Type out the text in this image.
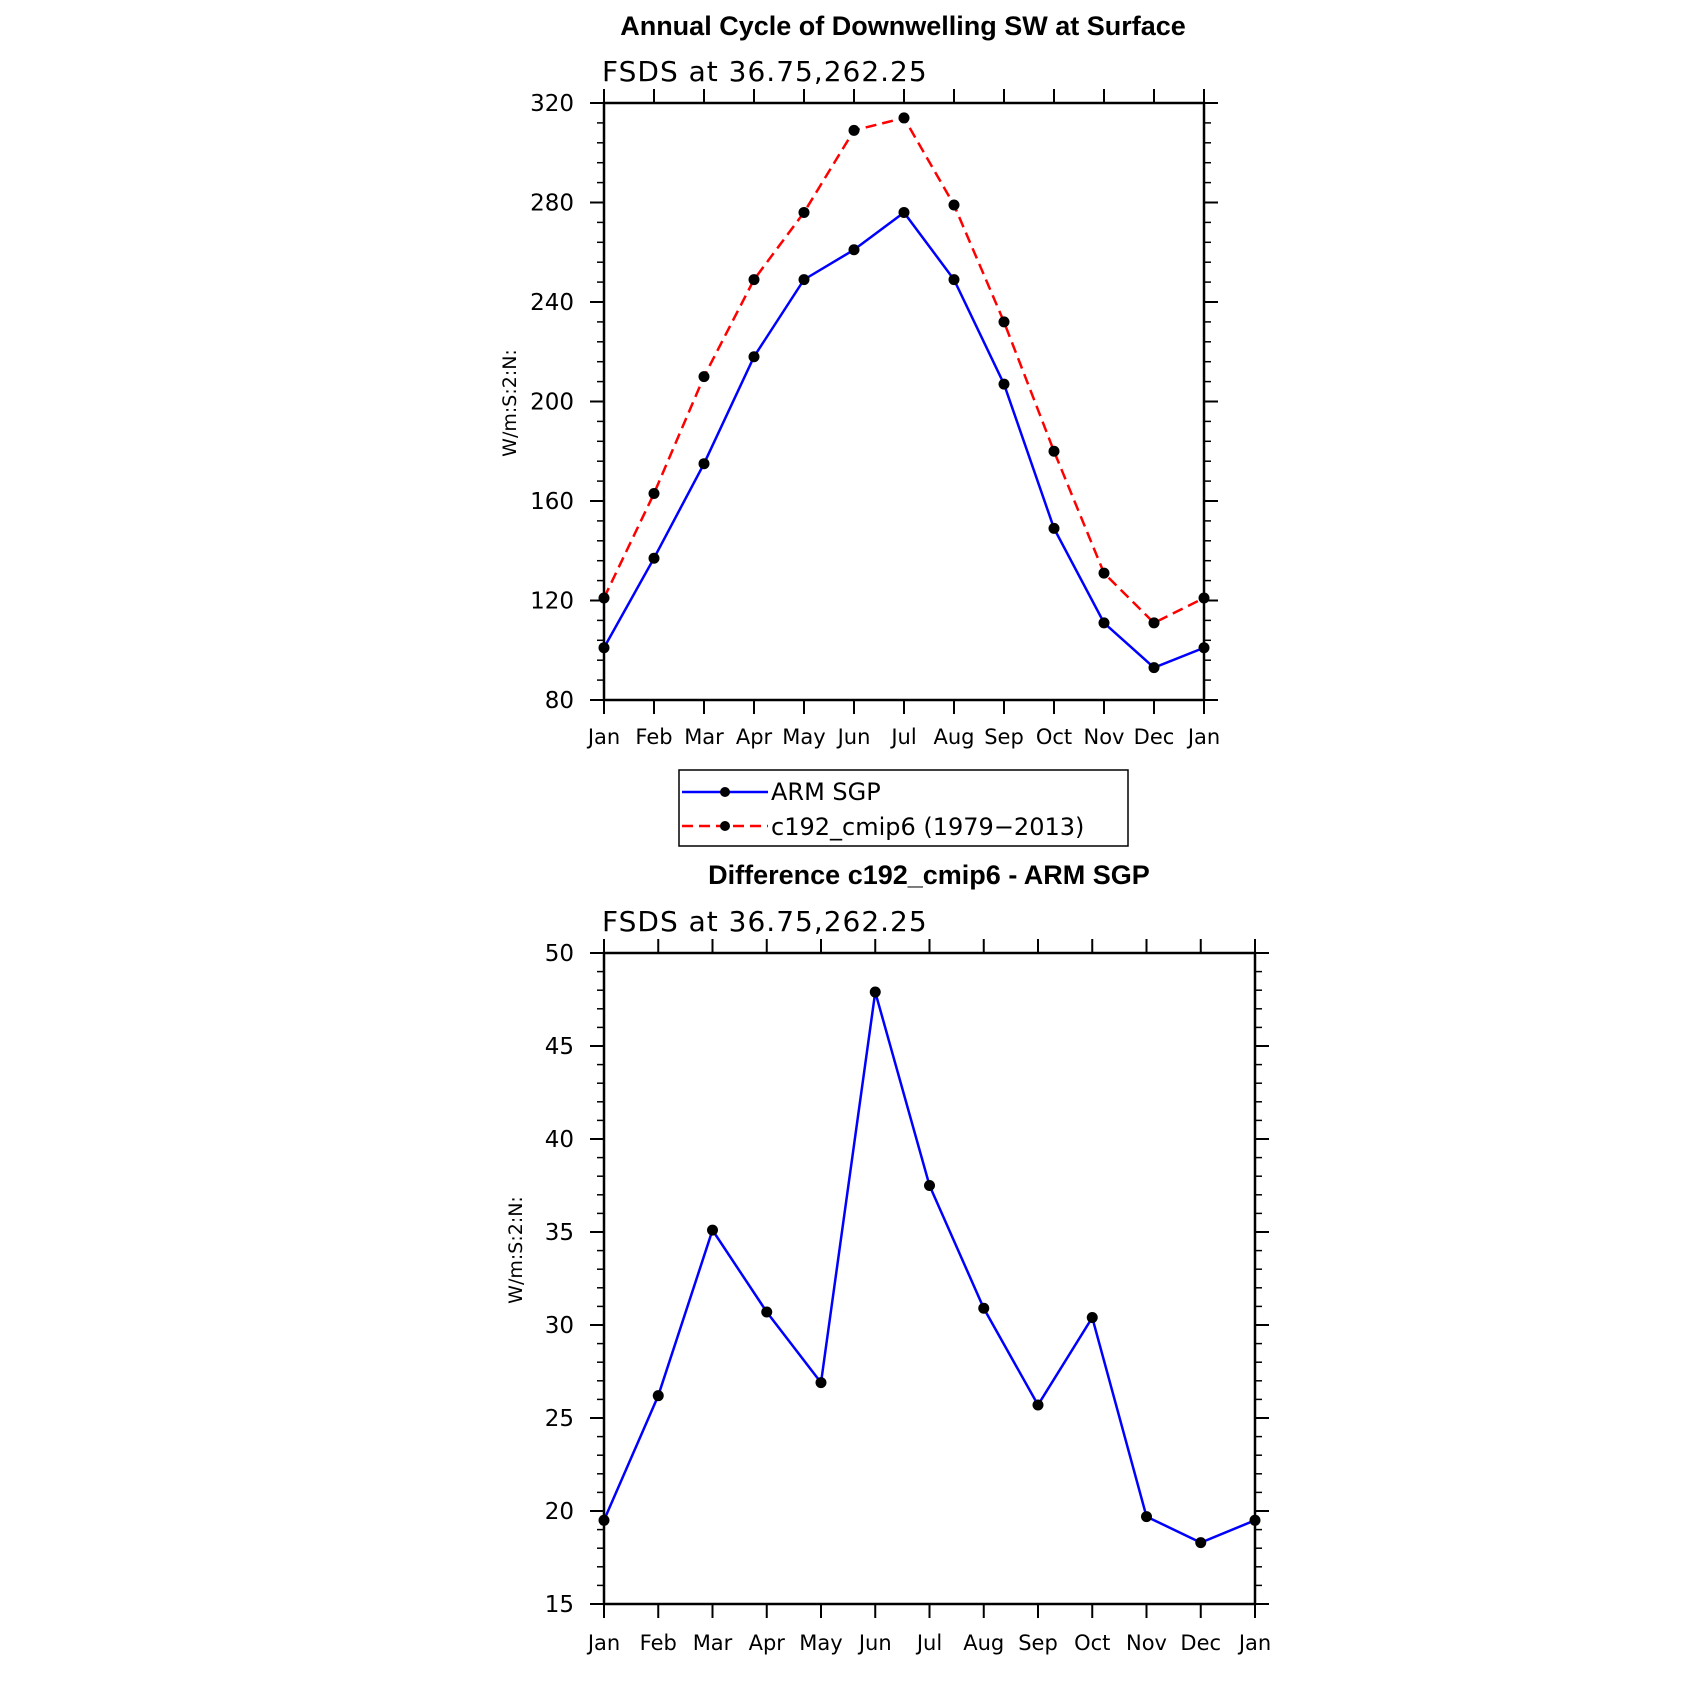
Annual Cycle of Downwelling SW at Surface
FSDS at 36.75,262.25
W/m:S:2:N:
Jan Feb Mar Apr May Jun Jul Aug Sep Oct Nov Dec Jan
80
120
160
200
240
280
320
ARM SGP
c192_cmip6 (1979−2013)
Difference c192_cmip6 - ARM SGP
FSDS at 36.75,262.25
W/m:S:2:N:
Jan Feb Mar Apr May Jun Jul Aug Sep Oct Nov Dec Jan
15
20
25
30
35
40
45
50
